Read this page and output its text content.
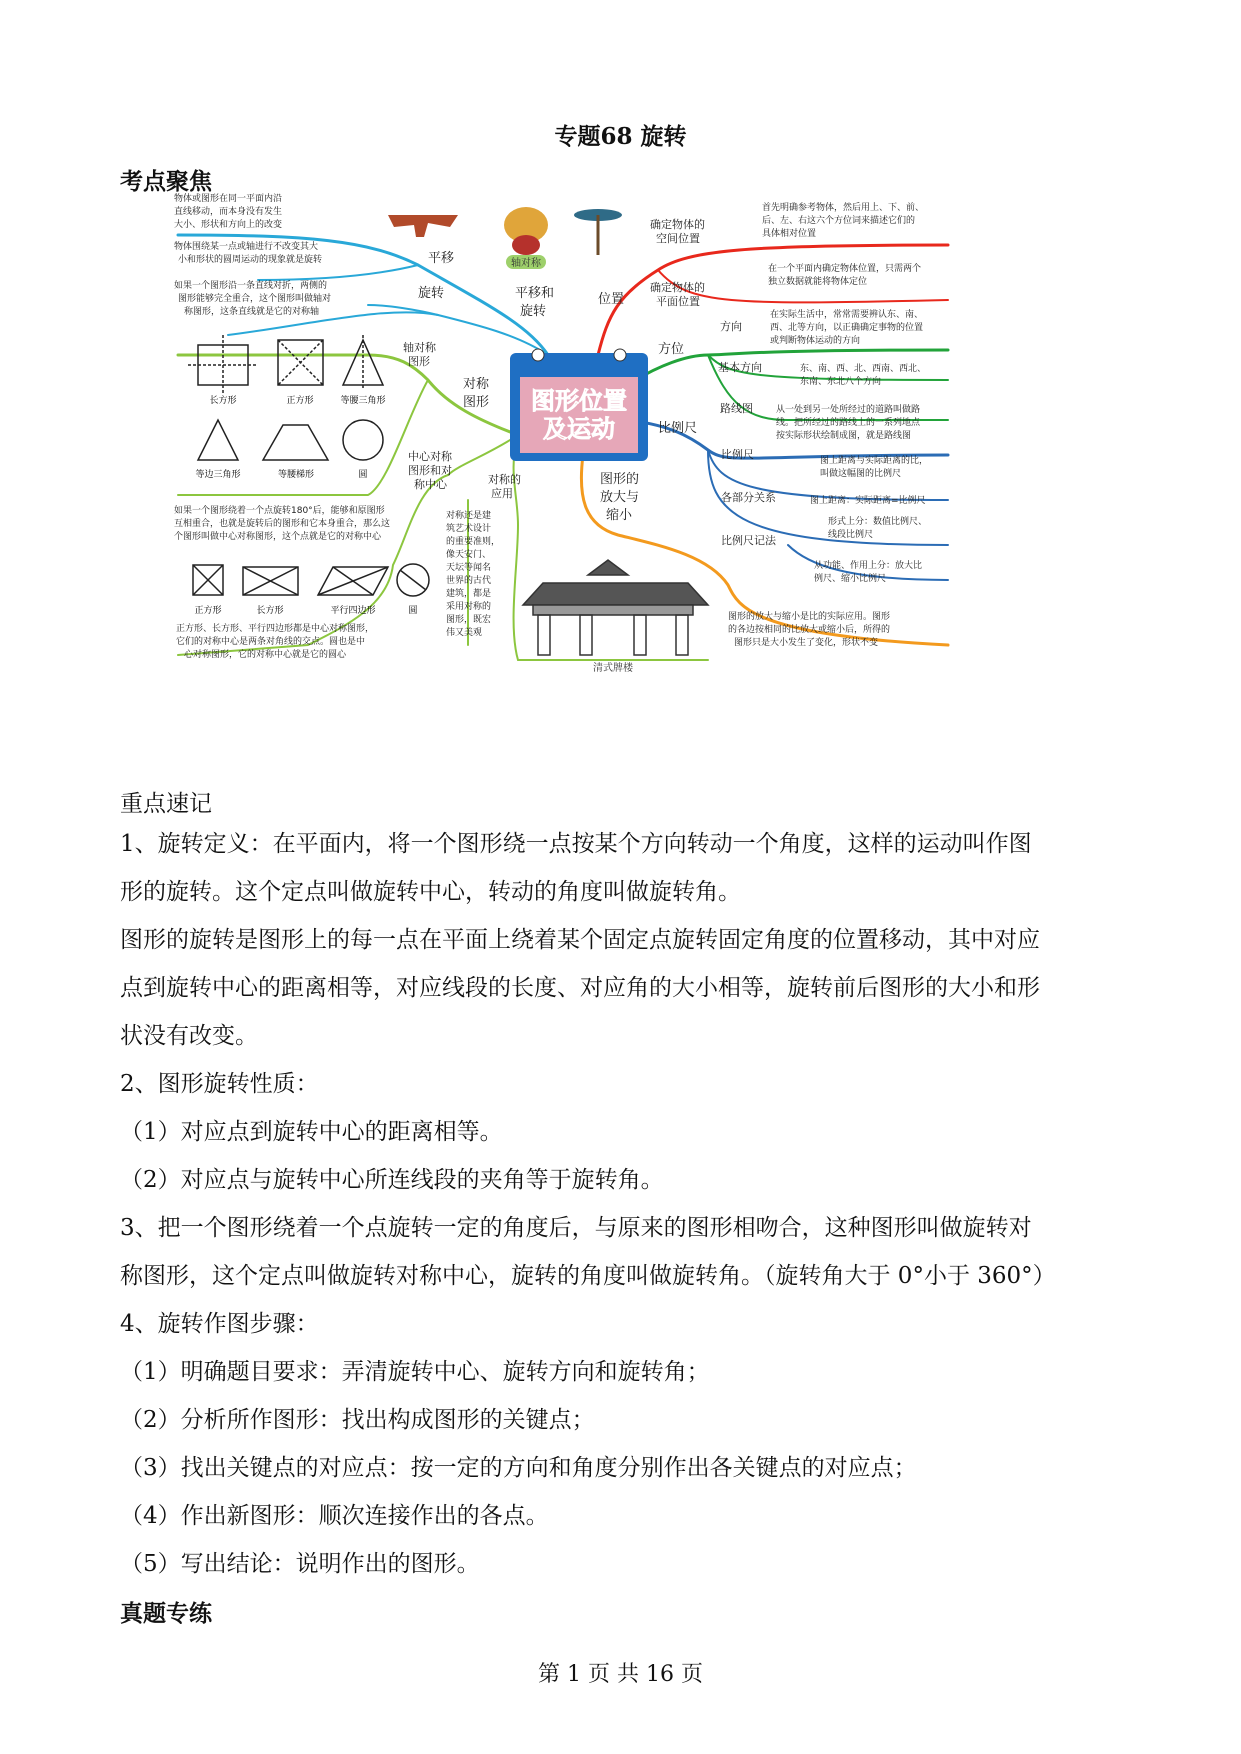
专题68 旋转
考点聚焦
图形位置
及运动
轴对称
清式牌楼
长方形	正方形	等腰三角形
等边三角形	等腰梯形	圆
正方形	长方形	平行四边形	圆
平移
旋转	平移和
旋转
轴对称
图形
对称
图形
中心对称
图形和对
称中心	对称的
应用
位置
确定物体的
空间位置
确定物体的
平面位置
方位
方向
基本方向
路线图
比例尺
比例尺
各部分关系
比例尺记法
图形的
放大与
缩小
物体或图形在同一平面内沿
直线移动，而本身没有发生
大小、形状和方向上的改变
物体围绕某一点或轴进行不改变其大
小和形状的圆周运动的现象就是旋转
如果一个图形沿一条直线对折，两侧的
图形能够完全重合，这个图形叫做轴对
称图形，这条直线就是它的对称轴
如果一个图形绕着一个点旋转180°后，能够和原图形
互相重合，也就是旋转后的图形和它本身重合，那么这
个图形叫做中心对称图形，这个点就是它的对称中心
正方形、长方形、平行四边形都是中心对称图形，
它们的对称中心是两条对角线的交点。圆也是中
心对称图形，它的对称中心就是它的圆心
对称还是建
筑艺术设计
的重要准则，
像天安门、
天坛等闻名
世界的古代
建筑，都是
采用对称的
图形，既宏
伟又美观
首先明确参考物体，然后用上、下、前、
后、左、右这六个方位词来描述它们的
具体相对位置
在一个平面内确定物体位置，只需两个
独立数据就能将物体定位
在实际生活中，常常需要辨认东、南、
西、北等方向，以正确确定事物的位置
或判断物体运动的方向
东、南、西、北、西南、西北、
东南、东北八个方向
从一处到另一处所经过的道路叫做路
线。把所经过的路线上的一系列地点
按实际形状绘制成图，就是路线图
图上距离与实际距离的比，
叫做这幅图的比例尺
图上距离：实际距离=比例尺
形式上分：数值比例尺、
线段比例尺
从功能、作用上分：放大比
例尺、缩小比例尺
图形的放大与缩小是比的实际应用。图形
的各边按相同的比放大或缩小后，所得的
图形只是大小发生了变化，形状不变
重点速记

1、旋转定义：在平面内，将一个图形绕一点按某个方向转动一个角度，这样的运动叫作图

形的旋转。这个定点叫做旋转中心，转动的角度叫做旋转角。

图形的旋转是图形上的每一点在平面上绕着某个固定点旋转固定角度的位置移动，其中对应

点到旋转中心的距离相等，对应线段的长度、对应角的大小相等，旋转前后图形的大小和形

状没有改变。

2、图形旋转性质：

（1）对应点到旋转中心的距离相等。

（2）对应点与旋转中心所连线段的夹角等于旋转角。

3、把一个图形绕着一个点旋转一定的角度后，与原来的图形相吻合，这种图形叫做旋转对

称图形，这个定点叫做旋转对称中心，旋转的角度叫做旋转角。（旋转角大于 0°小于 360°）

4、旋转作图步骤：

（1）明确题目要求：弄清旋转中心、旋转方向和旋转角；

（2）分析所作图形：找出构成图形的关键点；

（3）找出关键点的对应点：按一定的方向和角度分别作出各关键点的对应点；

（4）作出新图形：顺次连接作出的各点。

（5）写出结论：说明作出的图形。

真题专练
第 1 页 共 16 页
